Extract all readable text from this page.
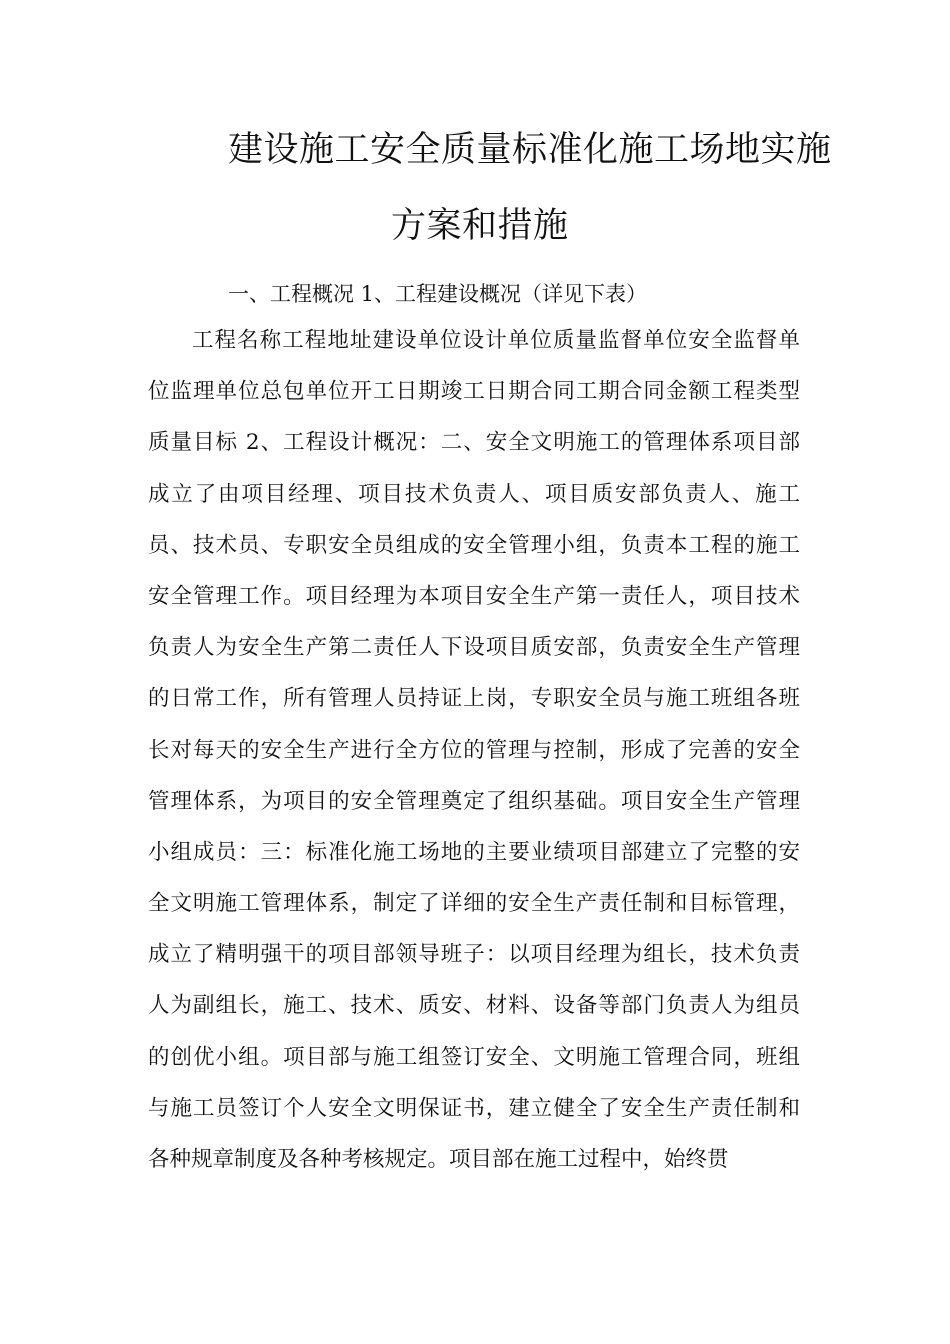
建设施工安全质量标准化施工场地实施
方案和措施
一、工程概况 1、工程建设概况（详见下表）
工程名称工程地址建设单位设计单位质量监督单位安全监督单
位监理单位总包单位开工日期竣工日期合同工期合同金额工程类型
质量目标 2、工程设计概况：二、安全文明施工的管理体系项目部
成立了由项目经理、项目技术负责人、项目质安部负责人、施工
员、技术员、专职安全员组成的安全管理小组，负责本工程的施工
安全管理工作。项目经理为本项目安全生产第一责任人，项目技术
负责人为安全生产第二责任人下设项目质安部，负责安全生产管理
的日常工作，所有管理人员持证上岗，专职安全员与施工班组各班
长对每天的安全生产进行全方位的管理与控制，形成了完善的安全
管理体系，为项目的安全管理奠定了组织基础。项目安全生产管理
小组成员：三：标准化施工场地的主要业绩项目部建立了完整的安
全文明施工管理体系，制定了详细的安全生产责任制和目标管理，
成立了精明强干的项目部领导班子：以项目经理为组长，技术负责
人为副组长，施工、技术、质安、材料、设备等部门负责人为组员
的创优小组。项目部与施工组签订安全、文明施工管理合同，班组
与施工员签订个人安全文明保证书，建立健全了安全生产责任制和
各种规章制度及各种考核规定。项目部在施工过程中，始终贯
